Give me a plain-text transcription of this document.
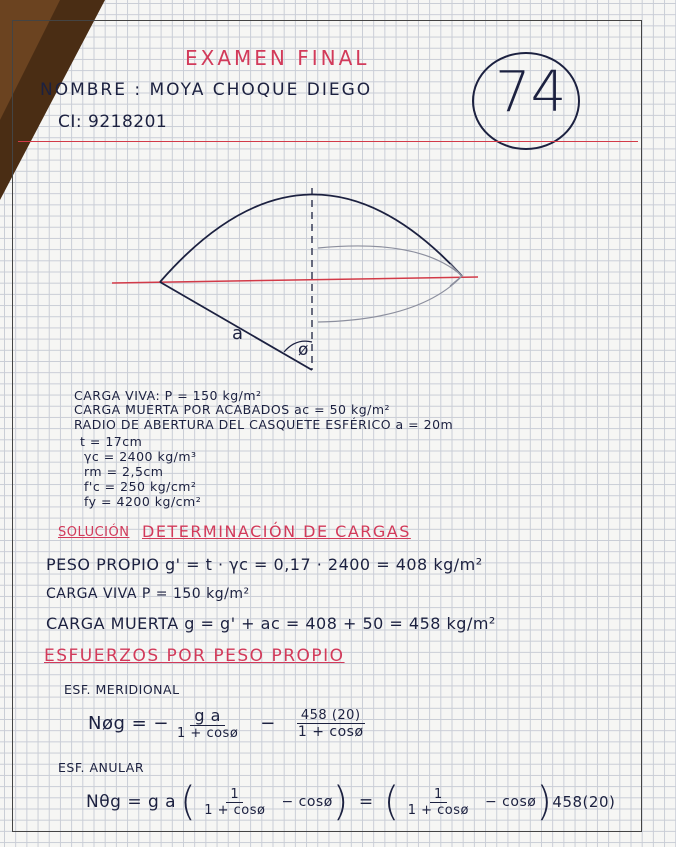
EXAMEN FINAL
NOMBRE : MOYA CHOQUE DIEGO
CI: 9218201	74
a
ø
CARGA VIVA: P = 150 kg/m²
CARGA MUERTA POR ACABADOS ac = 50 kg/m²
RADIO DE ABERTURA DEL CASQUETE ESFÉRICO a = 20m
t = 17cm
γc = 2400 kg/m³
rm = 2,5cm
f'c = 250 kg/cm²
fy = 4200 kg/cm²
SOLUCIÓN DETERMINACIÓN DE CARGAS
PESO PROPIO g' = t · γc = 0,17 · 2400 = 408 kg/m²
CARGA VIVA P = 150 kg/m²
CARGA MUERTA g = g' + ac = 408 + 50 = 458 kg/m²
ESFUERZOS POR PESO PROPIO
ESF. MERIDIONAL
Nøg = − $\frac{\text{g a}}{1 + \cos ø} - \frac{458 (20)}{1 + \cos ø}$
ESF. ANULAR
Nθg = g a ( $\frac{1}{1 + \cos ø}$ − cosø ) = ( $\frac{1}{1 + \cos ø}$ − cosø ) 458(20)
